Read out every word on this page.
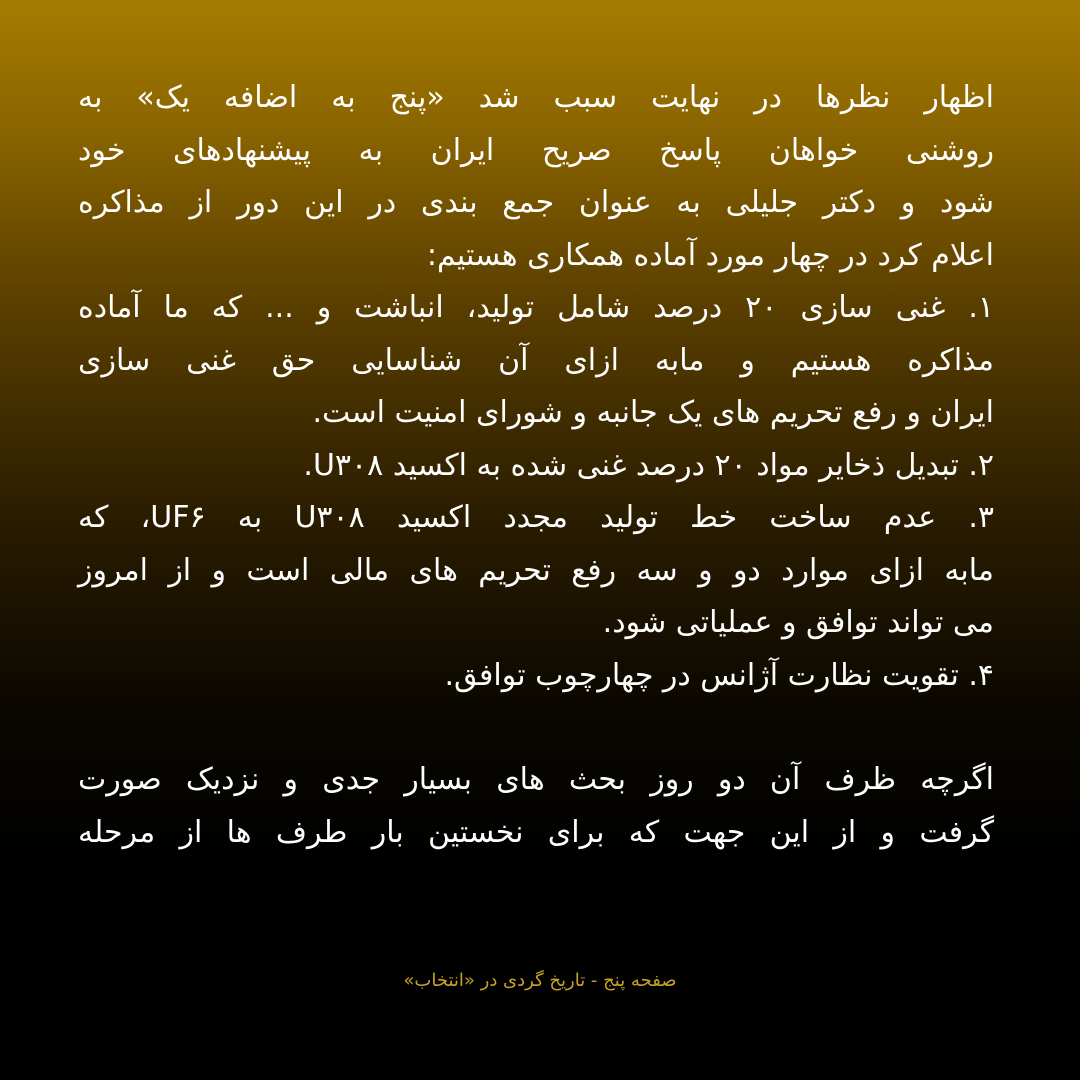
اظهار نظرها در نهایت سبب شد «پنج به اضافه یک» به
روشنی خواهان پاسخ صریح ایران به پیشنهادهای خود
شود و دکتر جلیلی به عنوان جمع بندی در این دور از مذاکره
اعلام کرد در چهار مورد آماده همکاری هستیم:
۱. غنی سازی ۲۰ درصد شامل تولید، انباشت و ... که ما آماده
مذاکره هستیم و مابه ازای آن شناسایی حق غنی سازی
ایران و رفع تحریم های یک جانبه و شورای امنیت است.
۲. تبدیل ذخایر مواد ۲۰ درصد غنی شده به اکسید U۳۰۸.
۳. عدم ساخت خط تولید مجدد اکسید U۳۰۸ به UF۶، که
مابه ازای موارد دو و سه رفع تحریم های مالی است و از امروز
می تواند توافق و عملیاتی شود.
۴. تقویت نظارت آژانس در چهارچوب توافق.
اگرچه ظرف آن دو روز بحث های بسیار جدی و نزدیک صورت
گرفت و از این جهت که برای نخستین بار طرف ها از مرحله
صفحه پنج - تاریخ گردی در «انتخاب»
